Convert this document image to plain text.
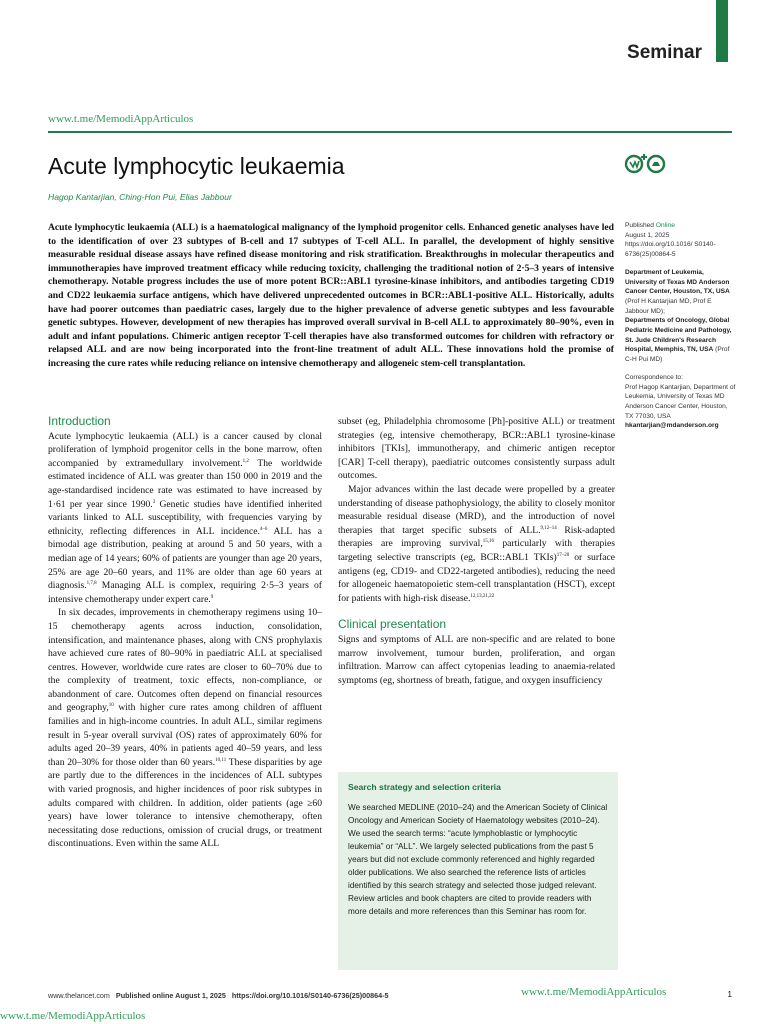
Seminar
www.t.me/MemodiAppArticulos
Acute lymphocytic leukaemia
Hagop Kantarjian, Ching-Hon Pui, Elias Jabbour

Acute lymphocytic leukaemia (ALL) is a haematological malignancy of the lymphoid progenitor cells. Enhanced genetic analyses have led to the identification of over 23 subtypes of B-cell and 17 subtypes of T-cell ALL. In parallel, the development of highly sensitive measurable residual disease assays have refined disease monitoring and risk stratification. Breakthroughs in molecular therapeutics and immunotherapies have improved treatment efficacy while reducing toxicity, challenging the traditional notion of 2·5–3 years of intensive chemotherapy. Notable progress includes the use of more potent BCR::ABL1 tyrosine-kinase inhibitors, and antibodies targeting CD19 and CD22 leukaemia surface antigens, which have delivered unprecedented outcomes in BCR::ABL1-positive ALL. Historically, adults have had poorer outcomes than paediatric cases, largely due to the higher prevalence of adverse genetic subtypes and less favourable genetic subtypes. However, development of new therapies has improved overall survival in B-cell ALL to approximately 80–90%, even in adult and infant populations. Chimeric antigen receptor T-cell therapies have also transformed outcomes for children with refractory or relapsed ALL and are now being incorporated into the front-line treatment of adult ALL. These innovations hold the promise of increasing the cure rates while reducing reliance on intensive chemotherapy and allogeneic stem-cell transplantation.

Published Online
August 1, 2025
https://doi.org/10.1016/ S0140-6736(25)00864-5

Department of Leukemia, University of Texas MD Anderson Cancer Center, Houston, TX, USA
(Prof H Kantarjian MD, Prof E Jabbour MD);
Departments of Oncology, Global Pediatric Medicine and Pathology, St. Jude Children's Research Hospital, Memphis, TN, USA (Prof C-H Pui MD)

Correspondence to:
Prof Hagop Kantarjian, Department of Leukemia, University of Texas MD Anderson Cancer Center, Houston, TX 77030, USA
hkantarjian@mdanderson.org

Introduction

Acute lymphocytic leukaemia (ALL) is a cancer caused by clonal proliferation of lymphoid progenitor cells in the bone marrow, often accompanied by extramedullary involvement.$^{1,2}$ The worldwide estimated incidence of ALL was greater than 150 000 in 2019 and the age-standardised incidence rate was estimated to have increased by 1·61 per year since 1990.$^3$ Genetic studies have identified inherited variants linked to ALL susceptibility, with frequencies varying by ethnicity, reflecting differences in ALL incidence.$^{4-6}$ ALL has a bimodal age distribution, peaking at around 5 and 50 years, with a median age of 14 years; 60% of patients are younger than age 20 years, 25% are age 20–60 years, and 11% are older than age 60 years at diagnosis.$^{1,7,8}$ Managing ALL is complex, requiring 2·5–3 years of intensive chemotherapy under expert care.$^9$

In six decades, improvements in chemotherapy regimens using 10–15 chemotherapy agents across induction, consolidation, intensification, and maintenance phases, along with CNS prophylaxis have achieved cure rates of 80–90% in paediatric ALL at specialised centres. However, worldwide cure rates are closer to 60–70% due to the complexity of treatment, toxic effects, non-compliance, or abandonment of care. Outcomes often depend on financial resources and geography,$^{10}$ with higher cure rates among children of affluent families and in high-income countries. In adult ALL, similar regimens result in 5-year overall survival (OS) rates of approximately 60% for adults aged 20–39 years, 40% in patients aged 40–59 years, and less than 20–30% for those older than 60 years.$^{10,11}$ These disparities by age are partly due to the differences in the incidences of ALL subtypes with varied prognosis, and higher incidences of poor risk subtypes in adults compared with children. In addition, older patients (age ≥60 years) have lower tolerance to intensive chemotherapy, often necessitating dose reductions, omission of crucial drugs, or treatment discontinuations. Even within the same ALL

subset (eg, Philadelphia chromosome [Ph]-positive ALL) or treatment strategies (eg, intensive chemotherapy, BCR::ABL1 tyrosine-kinase inhibitors [TKIs], immunotherapy, and chimeric antigen receptor [CAR] T-cell therapy), paediatric outcomes consistently surpass adult outcomes.

Major advances within the last decade were propelled by a greater understanding of disease pathophysiology, the ability to closely monitor measurable residual disease (MRD), and the introduction of novel therapies that target specific subsets of ALL.$^{9,12-14}$ Risk-adapted therapies are improving survival,$^{15,16}$ particularly with therapies targeting selective transcripts (eg, BCR::ABL1 TKIs)$^{17-20}$ or surface antigens (eg, CD19- and CD22-targeted antibodies), reducing the need for allogeneic haematopoietic stem-cell transplantation (HSCT), except for patients with high-risk disease.$^{12,13,21,22}$

Clinical presentation

Signs and symptoms of ALL are non-specific and are related to bone marrow involvement, tumour burden, proliferation, and organ infiltration. Marrow can affect cytopenias leading to anaemia-related symptoms (eg, shortness of breath, fatigue, and oxygen insufficiency

Search strategy and selection criteria

We searched MEDLINE (2010–24) and the American Society of Clinical Oncology and American Society of Haematology websites (2010–24). We used the search terms: “acute lymphoblastic or lymphocytic leukemia” or “ALL”. We largely selected publications from the past 5 years but did not exclude commonly referenced and highly regarded older publications. We also searched the reference lists of articles identified by this search strategy and selected those judged relevant. Review articles and book chapters are cited to provide readers with more details and more references than this Seminar has room for.

www.thelancet.com Published online August 1, 2025 https://doi.org/10.1016/S0140-6736(25)00864-5	www.t.me/MemodiAppArticulos	1
www.t.me/MemodiAppArticulos
